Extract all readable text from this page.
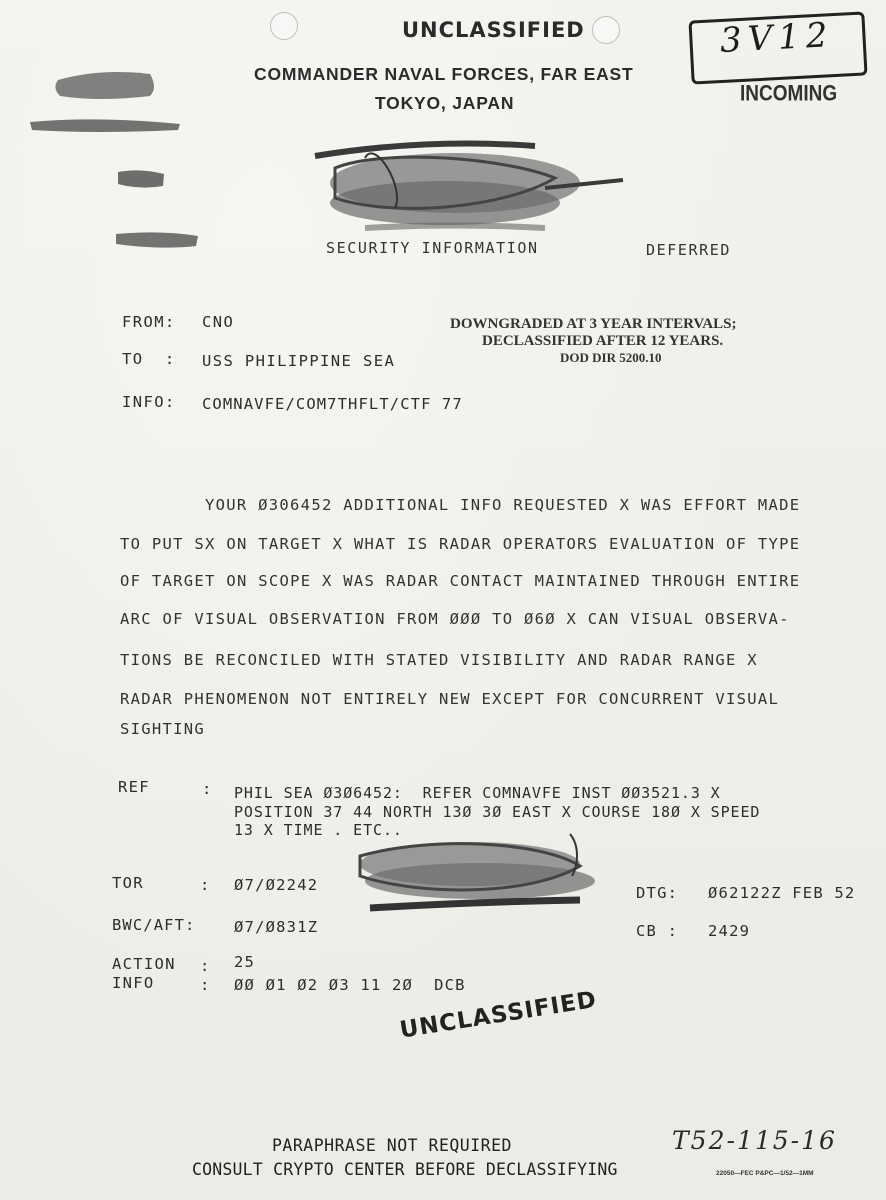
UNCLASSIFIED
COMMANDER NAVAL FORCES, FAR EAST
TOKYO, JAPAN
3V12
INCOMING
SECURITY INFORMATION	DEFERRED
FROM: CNO
TO  : USS PHILIPPINE SEA
INFO: COMNAVFE/COM7THFLT/CTF 77
DOWNGRADED AT 3 YEAR INTERVALS;
DECLASSIFIED AFTER 12 YEARS.
DOD DIR 5200.10
YOUR Ø306452 ADDITIONAL INFO REQUESTED X WAS EFFORT MADE
TO PUT SX ON TARGET X WHAT IS RADAR OPERATORS EVALUATION OF TYPE
OF TARGET ON SCOPE X WAS RADAR CONTACT MAINTAINED THROUGH ENTIRE
ARC OF VISUAL OBSERVATION FROM ØØØ TO Ø6Ø X CAN VISUAL OBSERVA-
TIONS BE RECONCILED WITH STATED VISIBILITY AND RADAR RANGE X
RADAR PHENOMENON NOT ENTIRELY NEW EXCEPT FOR CONCURRENT VISUAL
SIGHTING
REF	: PHIL SEA Ø3Ø6452:  REFER COMNAVFE INST ØØ3521.3 X
POSITION 37 44 NORTH 13Ø 3Ø EAST X COURSE 18Ø X SPEED
13 X TIME . ETC..
TOR	: Ø7/Ø2242
BWC/AFT: Ø7/Ø831Z
ACTION : 25
INFO	: ØØ Ø1 Ø2 Ø3 11 2Ø  DCB
DTG: Ø62122Z FEB 52
CB : 2429
UNCLASSIFIED
PARAPHRASE NOT REQUIRED
CONSULT CRYPTO CENTER BEFORE DECLASSIFYING
T52-115-16
22050—FEC P&PC—1/52—1MM
